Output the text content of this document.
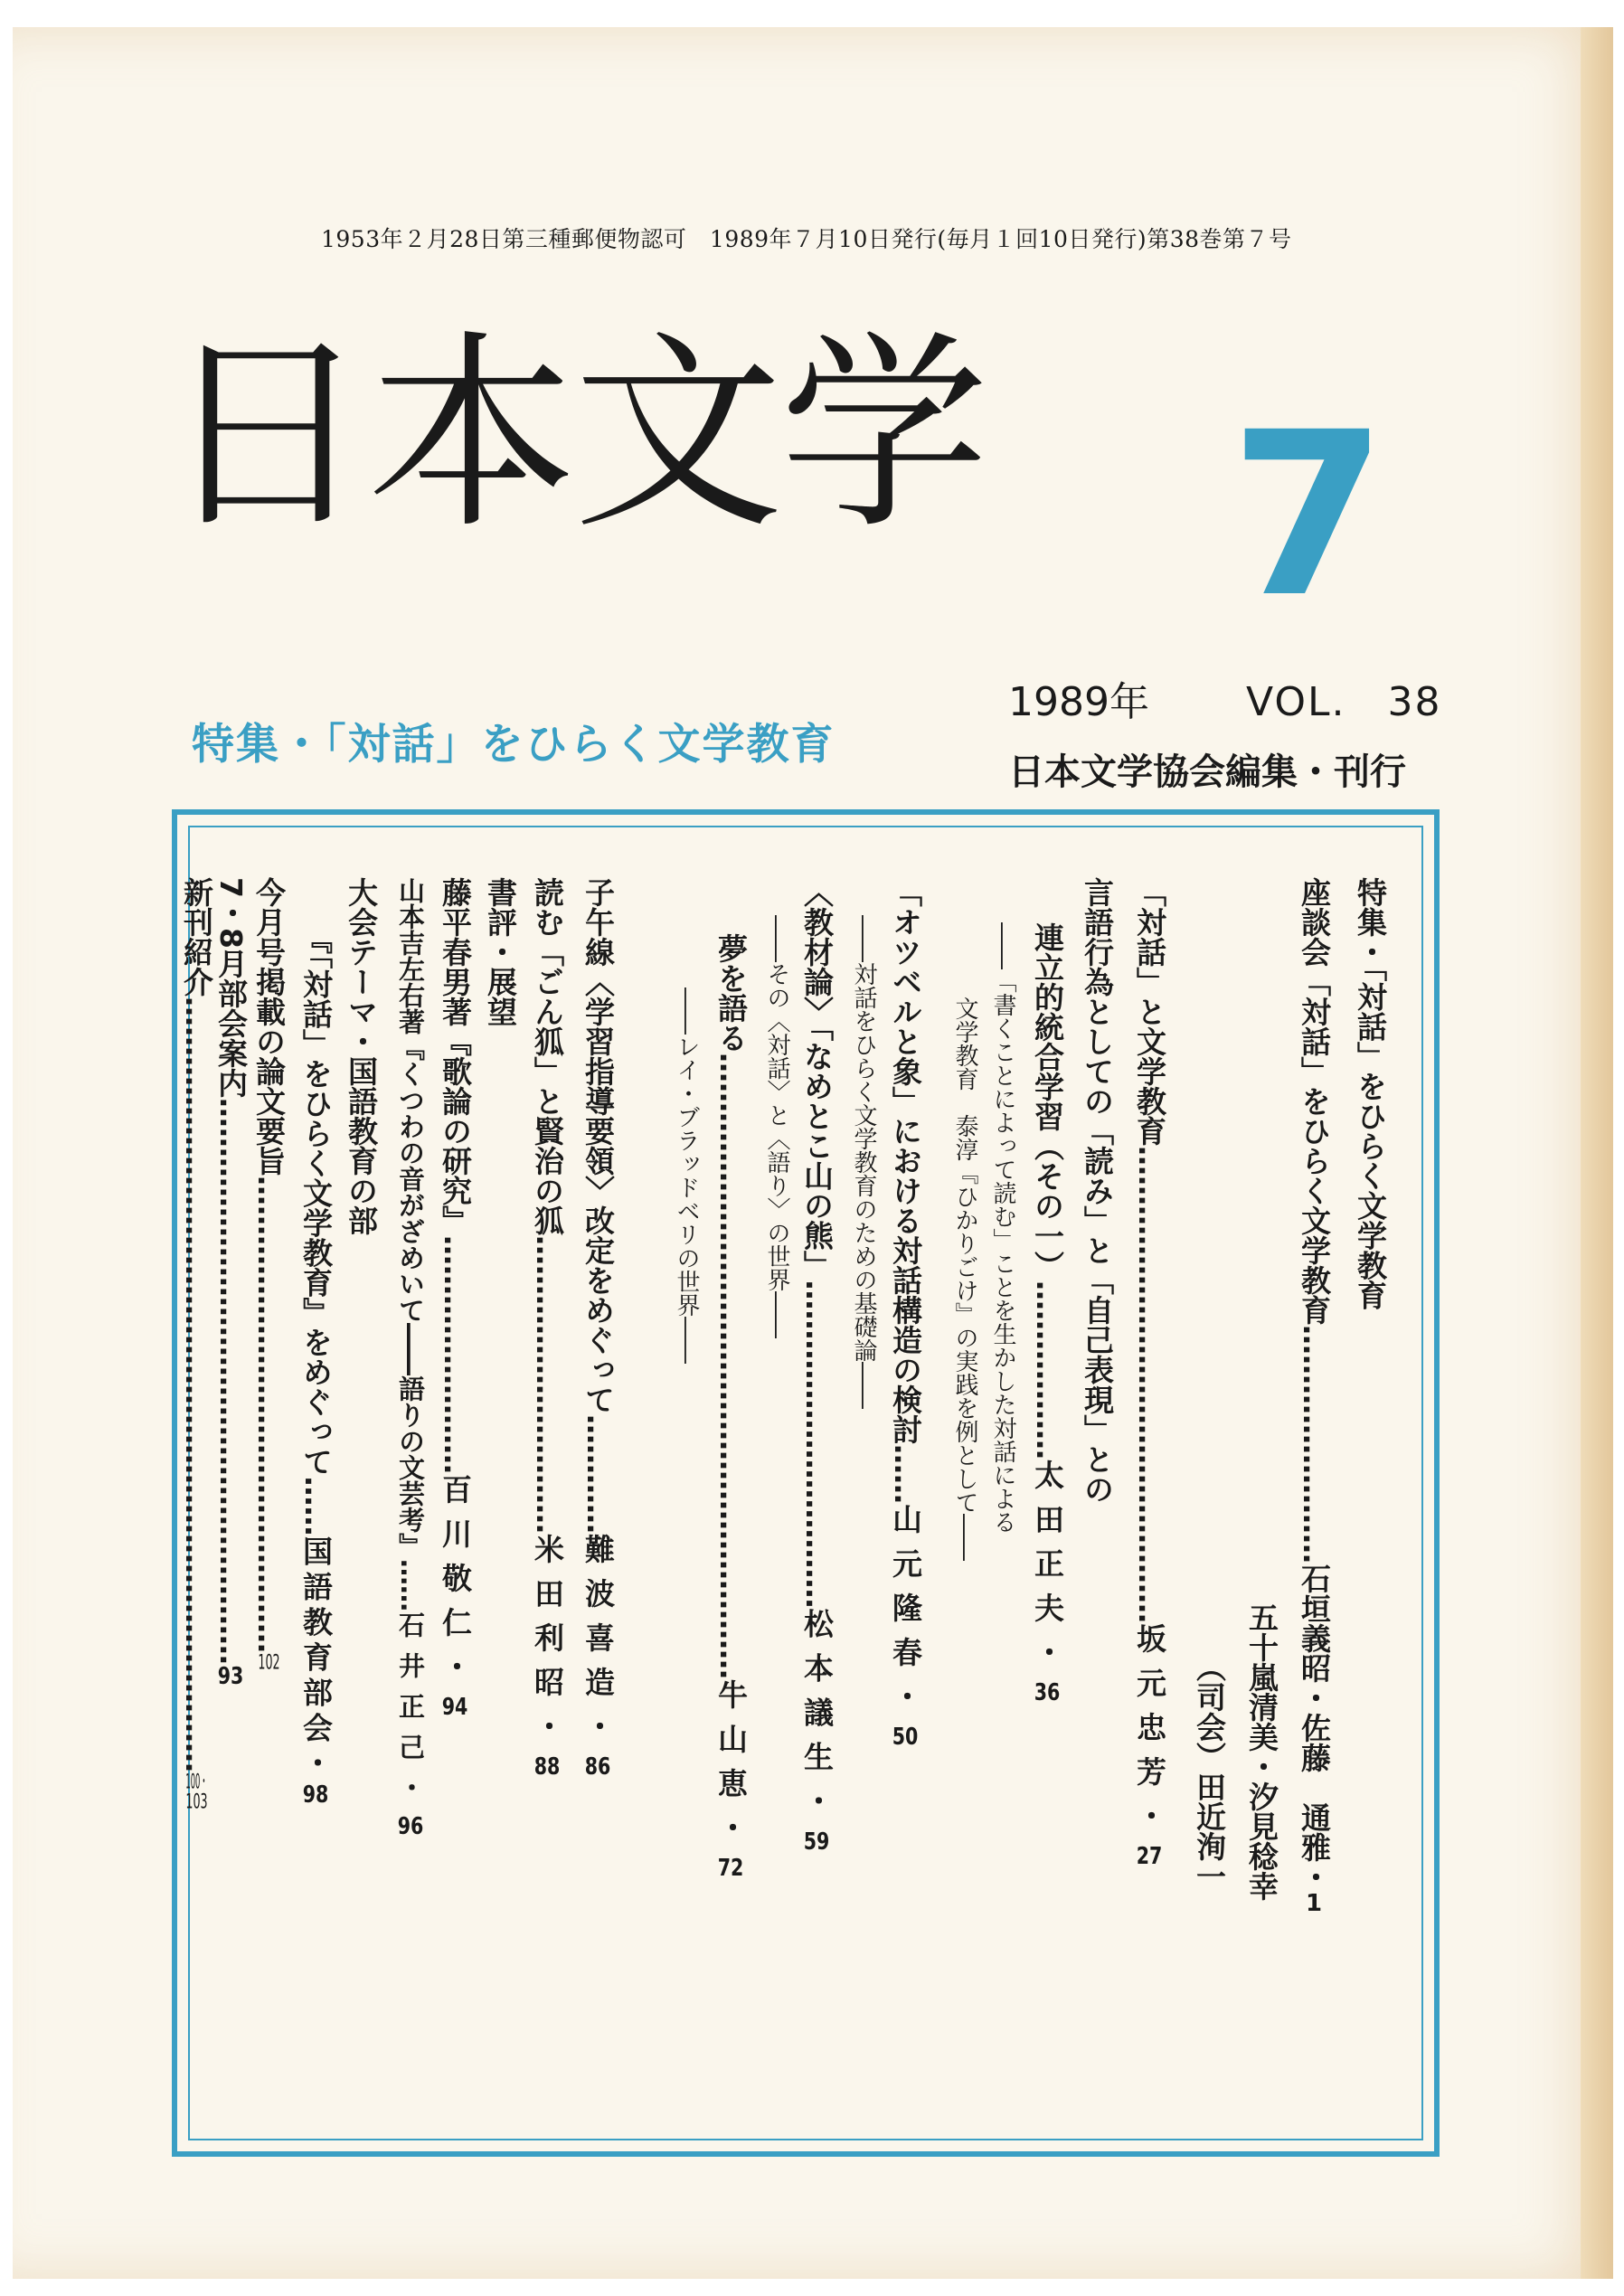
1953年２月28日第三種郵便物認可　1989年７月10日発行(毎月１回10日発行)第38巻第７号
日本文学 7
1989年 VOL.　38
特集・「対話」をひらく文学教育
日本文学協会編集・刊行
特集・「対話」をひらく文学教育
座談会「対話」をひらく文学教育……………………石垣義昭・佐藤　通雅・1
五十嵐清美・汐見稔幸
（司会）田近洵一
「対話」と文学教育…………………………………………坂元忠芳・27
言語行為としての「読み」と「自己表現」との
連立的統合学習（その一）………………太田正夫・36
――「書くことによって読む」ことを生かした対話による
文学教育　泰淳『ひかりごけ』の実践を例として――
「オツベルと象」における対話構造の検討……山元隆春・50
――対話をひらく文学教育のための基礎論――
〈教材論〉「なめとこ山の熊」……………………………松本議生・59
――その〈対話〉と〈語り〉の世界――
夢を語る………………………………………………………牛山恵・72
――レイ・ブラッドベリの世界――
子午線〈学習指導要領〉改定をめぐって…………難波喜造・86
読む「ごん狐」と賢治の狐…………………………米田利昭・88
書評・展望
藤平春男著『歌論の研究』……………………百川敬仁・94
山本吉左右著『くつわの音がざめいて――語りの文芸考』……石井正己・96
大会テーマ・国語教育の部
『「対話」をひらく文学教育』をめぐって……国語教育部会・98
今月号掲載の論文要旨…………………………………………102
7・8月部会案内…………………………………………………93
新刊紹介……………………………………………………………………100・103
